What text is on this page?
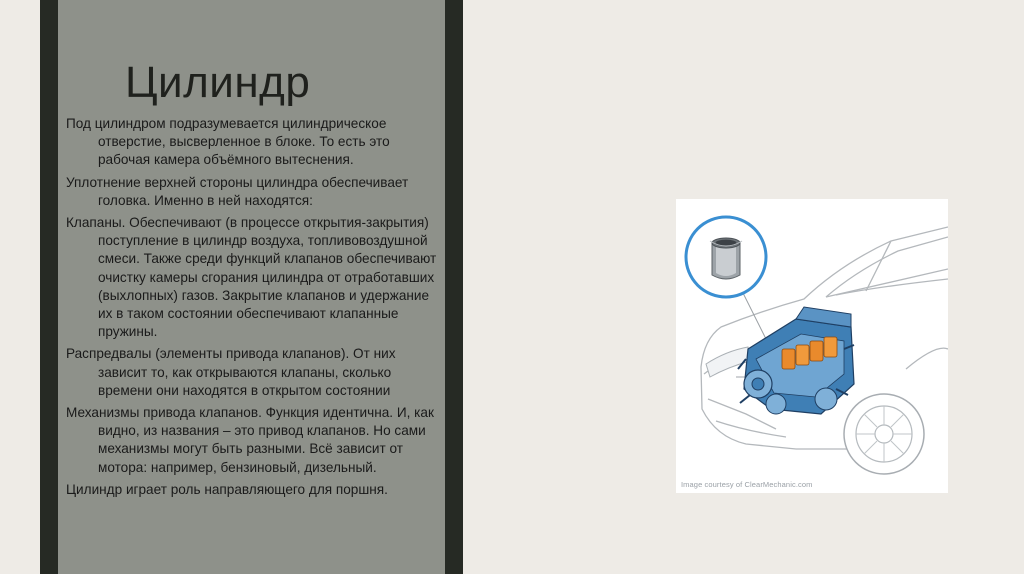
Цилиндр

Под цилиндром подразумевается цилиндрическое отверстие, высверленное в блоке. То есть это рабочая камера объёмного вытеснения.

Уплотнение верхней стороны цилиндра обеспечивает головка. Именно в ней находятся:

Клапаны. Обеспечивают (в процессе открытия-закрытия) поступление в цилиндр воздуха, топливовоздушной смеси. Также среди функций клапанов обеспечивают очистку камеры сгорания цилиндра от отработавших (выхлопных) газов. Закрытие клапанов и удержание их в таком состоянии обеспечивают клапанные пружины.

Распредвалы (элементы привода клапанов). От них зависит то, как открываются клапаны, сколько времени они находятся в открытом состоянии

Механизмы привода клапанов. Функция идентична. И, как видно, из названия – это привод клапанов. Но сами механизмы могут быть разными. Всё зависит от мотора: например, бензиновый, дизельный.

Цилиндр играет роль направляющего для поршня.	Image courtesy of ClearMechanic.com
